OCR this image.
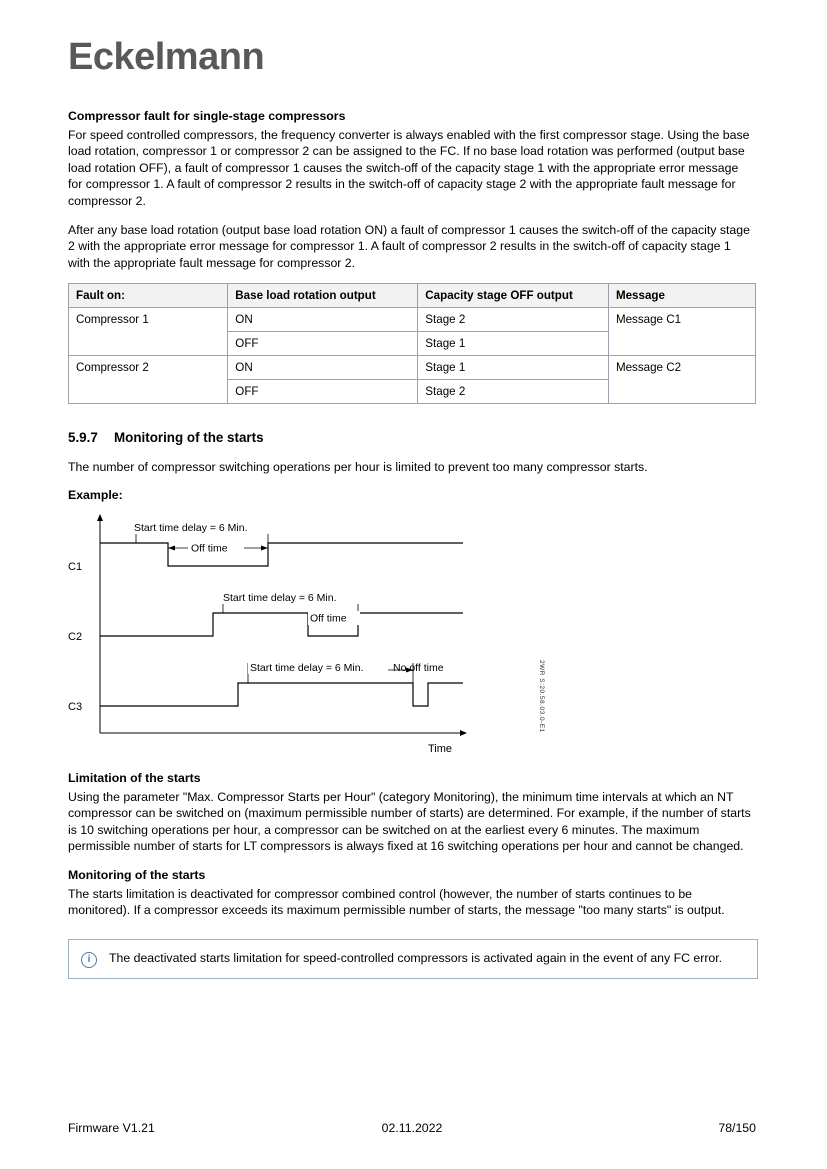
Eckelmann
Compressor fault for single-stage compressors

For speed controlled compressors, the frequency converter is always enabled with the first compressor stage. Using the base load rotation, compressor 1 or compressor 2 can be assigned to the FC. If no base load rotation was performed (output base load rotation OFF), a fault of compressor 1 causes the switch-off of the capacity stage 1 with the appropriate error message for compressor 1. A fault of compressor 2 results in the switch-off of capacity stage 2 with the appropriate fault message for compressor 2.

After any base load rotation (output base load rotation ON) a fault of compressor 1 causes the switch-off of the capacity stage 2 with the appropriate error message for compressor 1. A fault of compressor 2 results in the switch-off of capacity stage 1 with the appropriate fault message for compressor 2.

Fault on:	Base load rotation output	Capacity stage OFF output	Message
Compressor 1	ON	Stage 2	Message C1
	OFF	Stage 1	
Compressor 2	ON	Stage 1	Message C2
	OFF	Stage 2	
5.9.7 Monitoring of the starts

The number of compressor switching operations per hour is limited to prevent too many compressor starts.

Example:
Time
C1
Start time delay = 6 Min.
Off time
C2
Start time delay = 6 Min.
Off time
C3
Start time delay = 6 Min.	No off time	2WR S:20.58.03.0-E1
Limitation of the starts

Using the parameter "Max. Compressor Starts per Hour" (category Monitoring), the minimum time intervals at which an NT compressor can be switched on (maximum permissible number of starts) are determined. For example, if the number of starts is 10 switching operations per hour, a compressor can be switched on at the earliest every 6 minutes. The maximum permissible number of starts for LT compressors is always fixed at 16 switching operations per hour and cannot be changed.

Monitoring of the starts

The starts limitation is deactivated for compressor combined control (however, the number of starts continues to be monitored). If a compressor exceeds its maximum permissible number of starts, the message "too many starts" is output.

i	The deactivated starts limitation for speed-controlled compressors is activated again in the event of any FC error.

Firmware V1.21	02.11.2022	78/150
